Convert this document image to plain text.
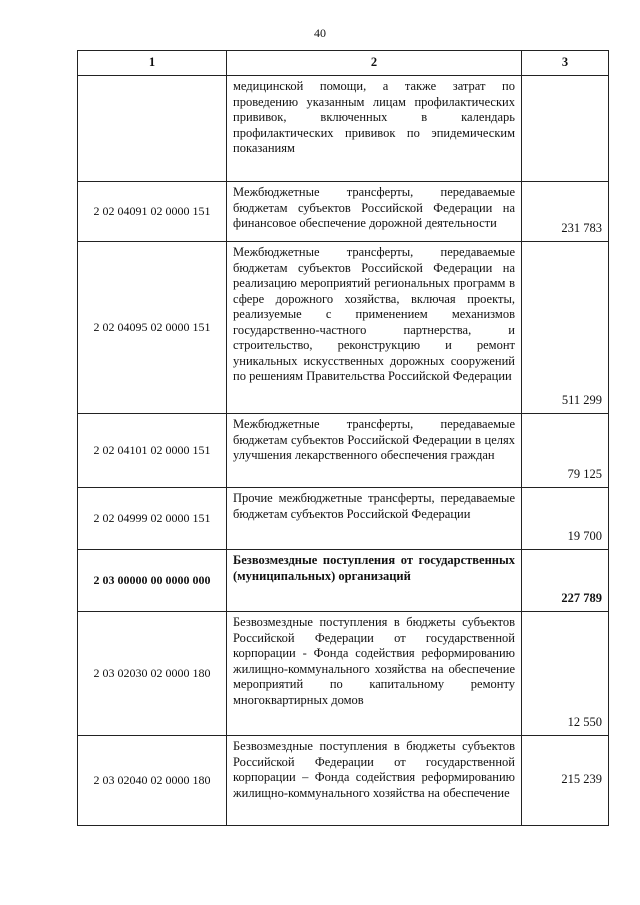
40
1	2	3
	медицинской помощи, а также затрат по проведению указанным лицам профилактических прививок, включенных в календарь профилактических прививок по эпидемическим показаниям	
2 02 04091 02 0000 151	Межбюджетные трансферты, передаваемые бюджетам субъектов Российской Федерации на финансовое обеспечение дорожной деятельности	231 783
2 02 04095 02 0000 151	Межбюджетные трансферты, передаваемые бюджетам субъектов Российской Федерации на реализацию мероприятий региональных программ в сфере дорожного хозяйства, включая проекты, реализуемые с применением механизмов государственно-частного партнерства, и строительство, реконструкцию и ремонт уникальных искусственных дорожных сооружений по решениям Правительства Российской Федерации	511 299
2 02 04101 02 0000 151	Межбюджетные трансферты, передаваемые бюджетам субъектов Российской Федерации в целях улучшения лекарственного обеспечения граждан	79 125
2 02 04999 02 0000 151	Прочие межбюджетные трансферты, передаваемые бюджетам субъектов Российской Федерации	19 700
2 03 00000 00 0000 000	Безвозмездные поступления от государственных (муниципальных) организаций	227 789
2 03 02030 02 0000 180	Безвозмездные поступления в бюджеты субъектов Российской Федерации от государственной корпорации - Фонда содействия реформированию жилищно-коммунального хозяйства на обеспечение мероприятий по капитальному ремонту многоквартирных домов	12 550
2 03 02040 02 0000 180	Безвозмездные поступления в бюджеты субъектов Российской Федерации от государственной корпорации – Фонда содействия реформированию жилищно-коммунального хозяйства на обеспечение	215 239
